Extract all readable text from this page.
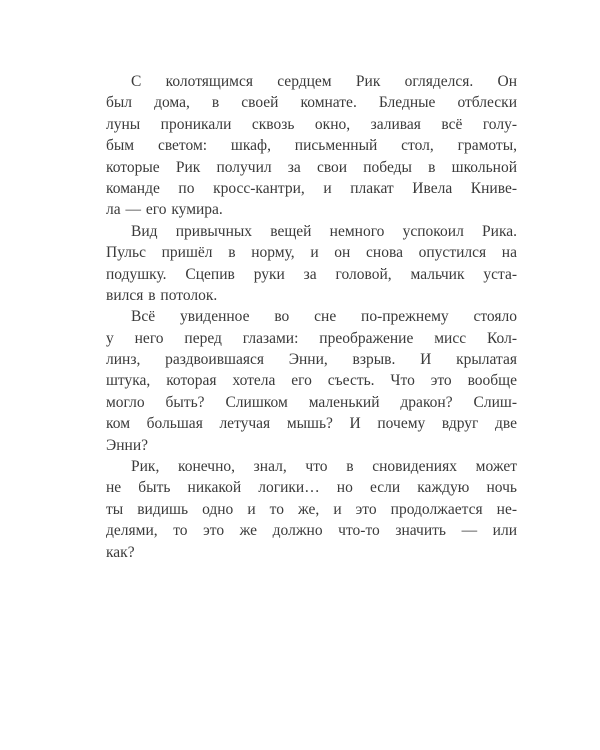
С колотящимся сердцем Рик огляделся. Он
был дома, в своей комнате. Бледные отблески
луны проникали сквозь окно, заливая всё голу-
бым светом: шкаф, письменный стол, грамоты,
которые Рик получил за свои победы в школьной
команде по кросс-кантри, и плакат Ивела Книве-
ла — его кумира.
Вид привычных вещей немного успокоил Рика.
Пульс пришёл в норму, и он снова опустился на
подушку. Сцепив руки за головой, мальчик уста-
вился в потолок.
Всё увиденное во сне по-прежнему стояло
у него перед глазами: преображение мисс Кол-
линз, раздвоившаяся Энни, взрыв. И крылатая
штука, которая хотела его съесть. Что это вообще
могло быть? Слишком маленький дракон? Слиш-
ком большая летучая мышь? И почему вдруг две
Энни?
Рик, конечно, знал, что в сновидениях может
не быть никакой логики… но если каждую ночь
ты видишь одно и то же, и это продолжается не-
делями, то это же должно что-то значить — или
как?
